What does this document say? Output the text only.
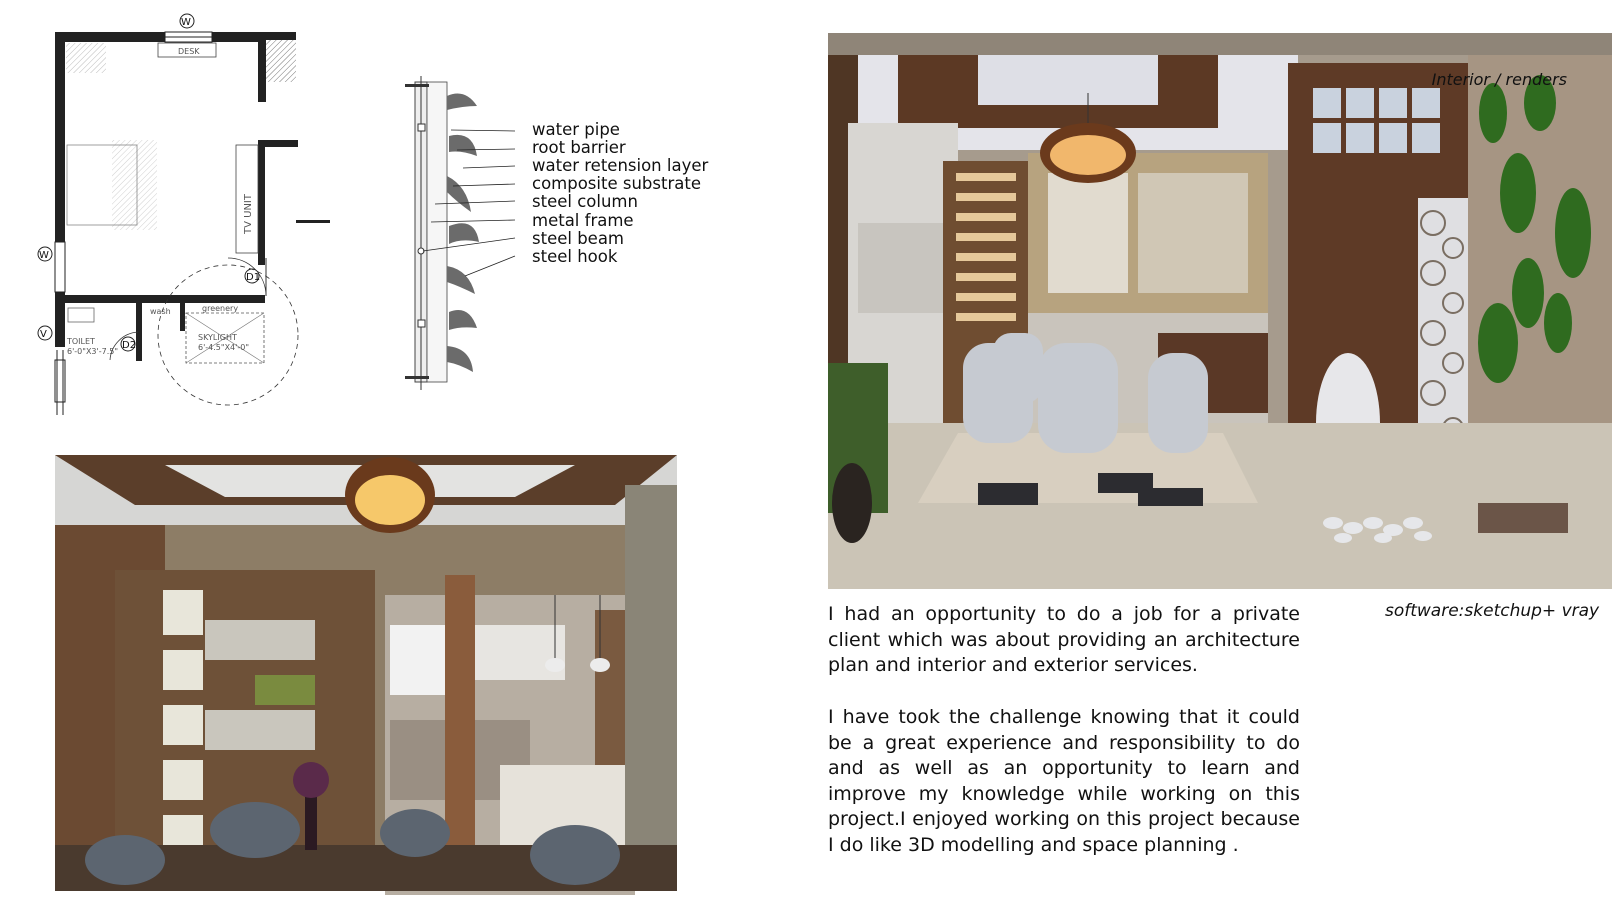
DESK
TV UNIT
D1
W
W
TOILET
6'-0"X3'-7.5"
D2
wash	greenery
SKYLIGHT
6'-4.5"X4'-0"
V
water pipe
root barrier
water retension layer
composite substrate
steel column
metal frame
steel beam
steel hook
Interior / renders
software:sketchup+ vray

I had an opportunity to do a job for a private client which was about providing an architecture plan and interior and exterior services.

I have took the challenge knowing that it could be a great experience and responsibility to do and as well as an opportunity to learn and improve my knowledge while working on this project.I enjoyed working on this project because I do like 3D modelling and space planning .
